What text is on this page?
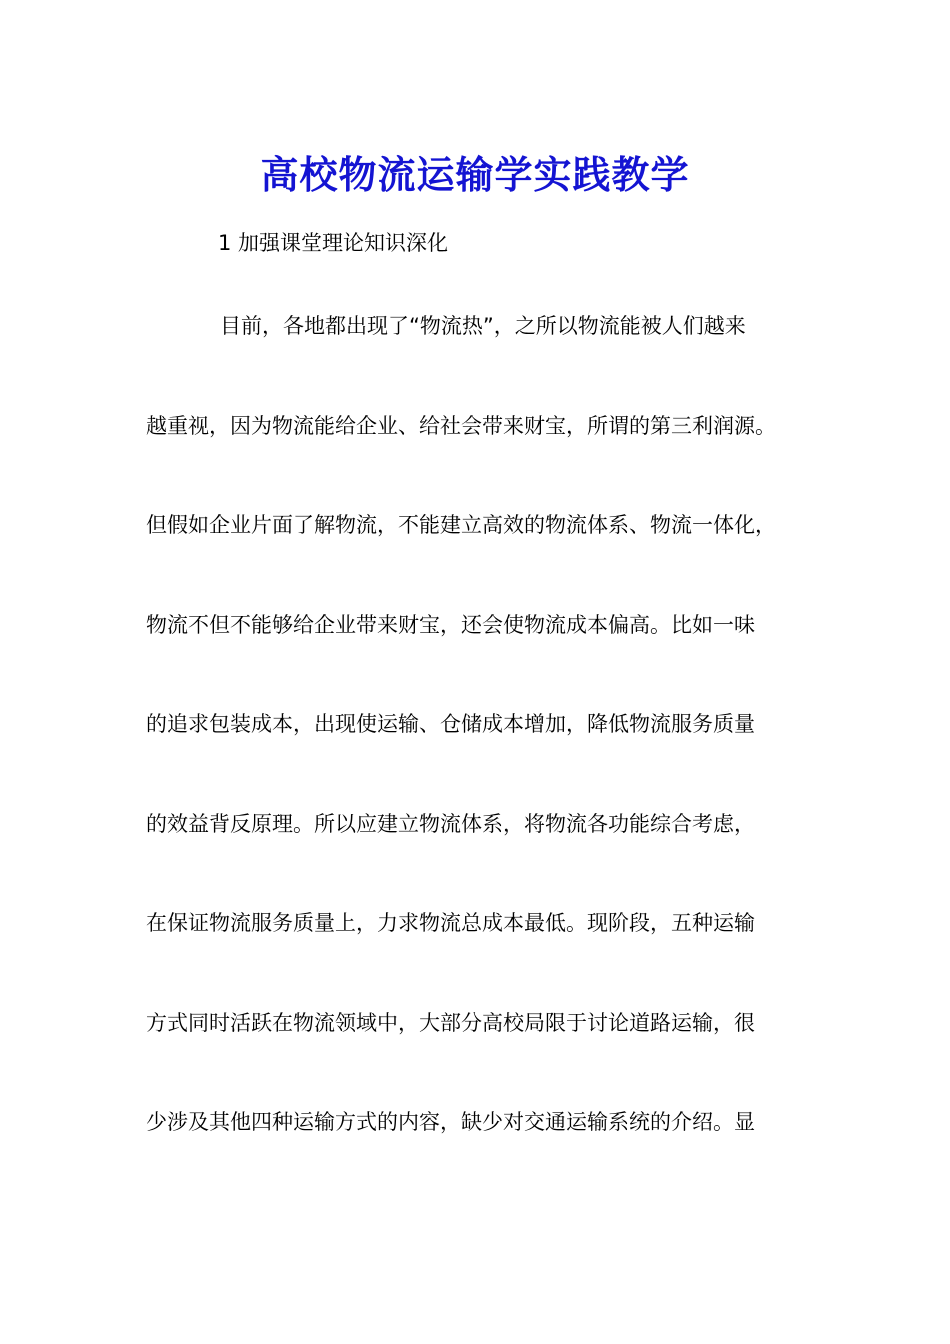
高校物流运输学实践教学
1 加强课堂理论知识深化
目前，各地都出现了“物流热”，之所以物流能被人们越来
越重视，因为物流能给企业、给社会带来财宝，所谓的第三利润源。
但假如企业片面了解物流，不能建立高效的物流体系、物流一体化，
物流不但不能够给企业带来财宝，还会使物流成本偏高。比如一味
的追求包装成本，出现使运输、仓储成本增加，降低物流服务质量
的效益背反原理。所以应建立物流体系，将物流各功能综合考虑，
在保证物流服务质量上，力求物流总成本最低。现阶段，五种运输
方式同时活跃在物流领域中，大部分高校局限于讨论道路运输，很
少涉及其他四种运输方式的内容，缺少对交通运输系统的介绍。显
